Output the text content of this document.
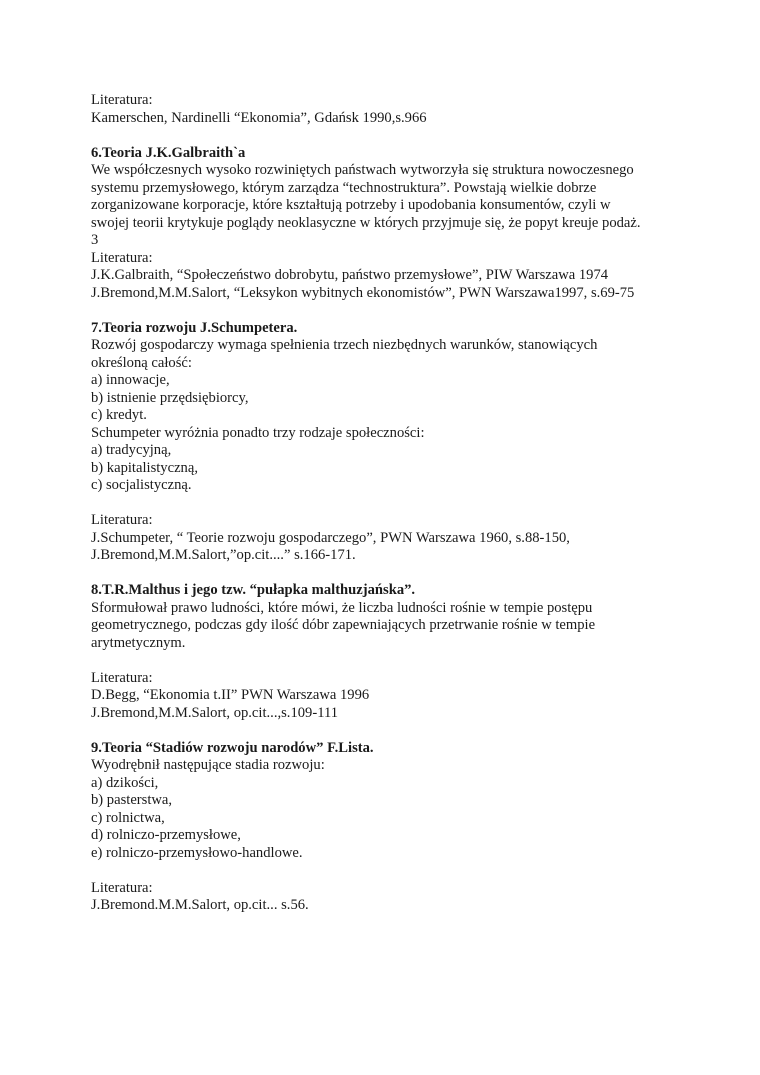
Literatura:
Kamerschen, Nardinelli “Ekonomia”, Gdańsk 1990,s.966
6.Teoria J.K.Galbraith`a
We współczesnych wysoko rozwiniętych państwach wytworzyła się struktura nowoczesnego
systemu przemysłowego, którym zarządza “technostruktura”. Powstają wielkie dobrze
zorganizowane korporacje, które kształtują potrzeby i upodobania konsumentów, czyli w
swojej teorii krytykuje poglądy neoklasyczne w których przyjmuje się, że popyt kreuje podaż.
3
Literatura:
J.K.Galbraith, “Społeczeństwo dobrobytu, państwo przemysłowe”, PIW Warszawa 1974
J.Bremond,M.M.Salort, “Leksykon wybitnych ekonomistów”, PWN Warszawa1997, s.69-75
7.Teoria rozwoju J.Schumpetera.
Rozwój gospodarczy wymaga spełnienia trzech niezbędnych warunków, stanowiących
określoną całość:
a) innowacje,
b) istnienie przędsiębiorcy,
c) kredyt.
Schumpeter wyróżnia ponadto trzy rodzaje społeczności:
a) tradycyjną,
b) kapitalistyczną,
c) socjalistyczną.
Literatura:
J.Schumpeter, “ Teorie rozwoju gospodarczego”, PWN Warszawa 1960, s.88-150,
J.Bremond,M.M.Salort,”op.cit....” s.166-171.
8.T.R.Malthus i jego tzw. “pułapka malthuzjańska”.
Sformułował prawo ludności, które mówi, że liczba ludności rośnie w tempie postępu
geometrycznego, podczas gdy ilość dóbr zapewniających przetrwanie rośnie w tempie
arytmetycznym.
Literatura:
D.Begg, “Ekonomia t.II” PWN Warszawa 1996
J.Bremond,M.M.Salort, op.cit...,s.109-111
9.Teoria “Stadiów rozwoju narodów” F.Lista.
Wyodrębnił następujące stadia rozwoju:
a) dzikości,
b) pasterstwa,
c) rolnictwa,
d) rolniczo-przemysłowe,
e) rolniczo-przemysłowo-handlowe.
Literatura:
J.Bremond.M.M.Salort, op.cit... s.56.
